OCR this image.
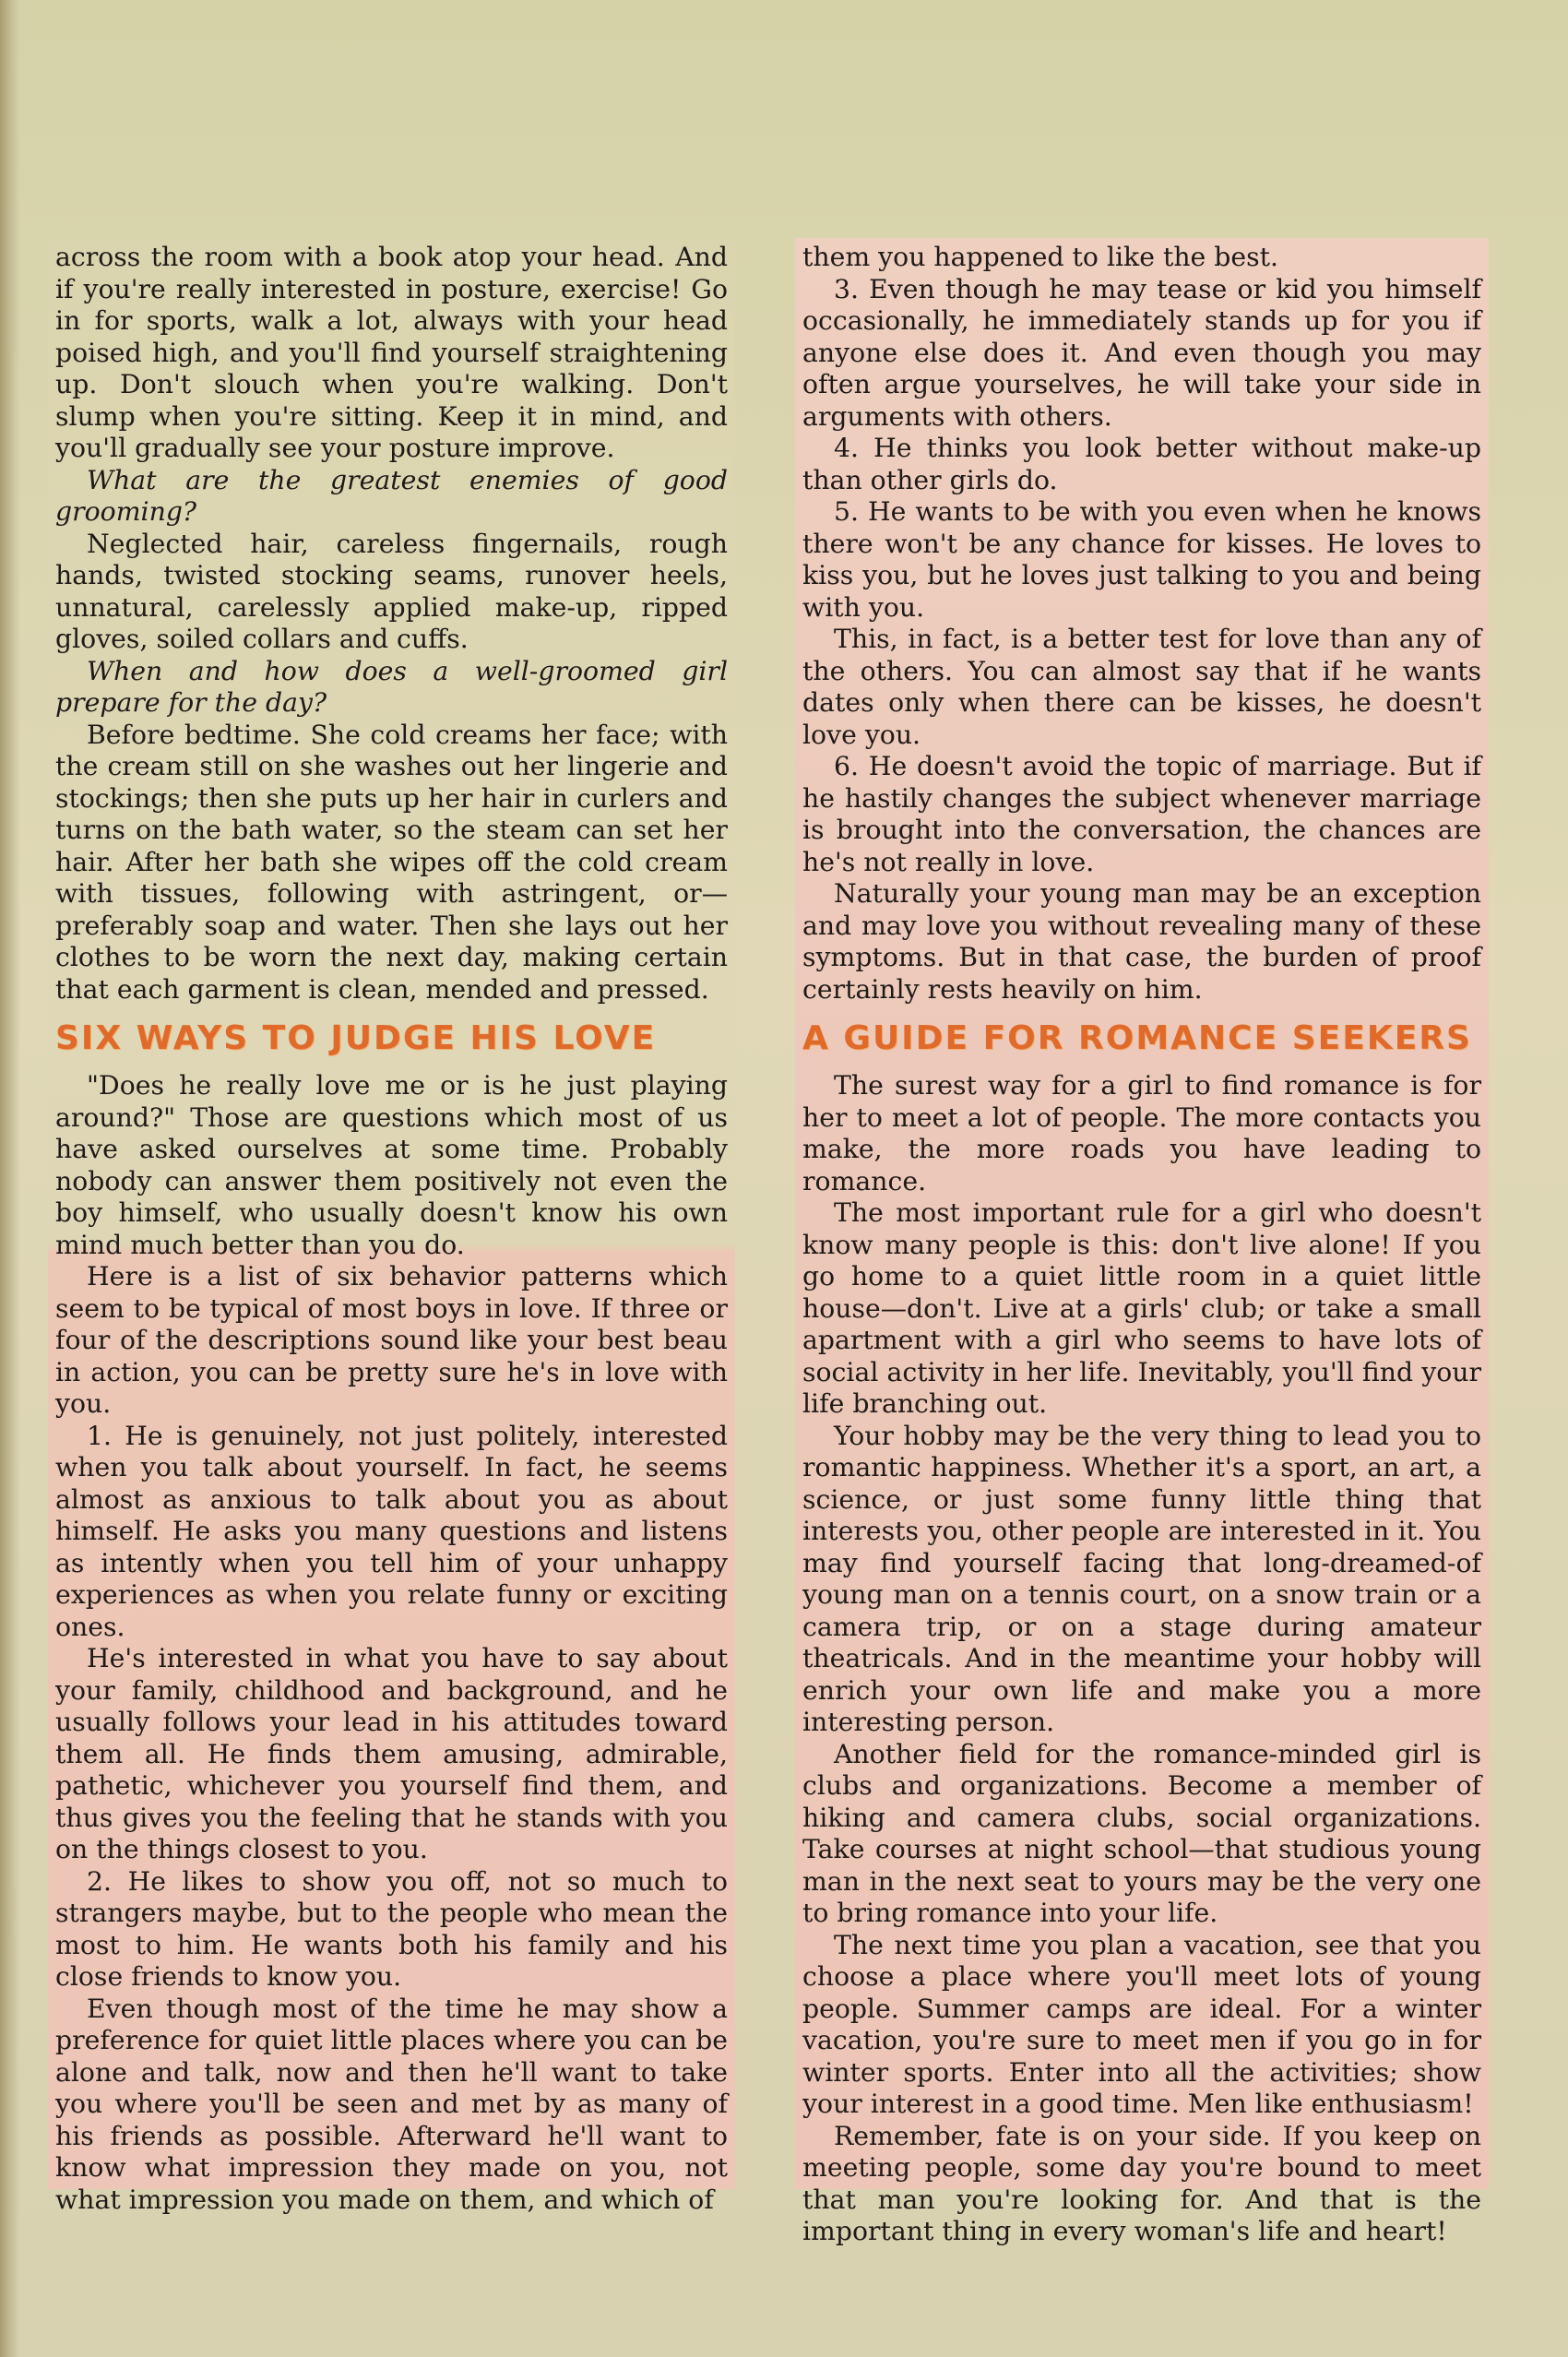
across the room with a book atop your head. And if you're really interested in posture, exercise! Go in for sports, walk a lot, always with your head poised high, and you'll find yourself straightening up. Don't slouch when you're walking. Don't slump when you're sitting. Keep it in mind, and you'll gradually see your posture improve.

What are the greatest enemies of good grooming?

Neglected hair, careless fingernails, rough hands, twisted stocking seams, runover heels, unnatural, carelessly applied make-up, ripped gloves, soiled collars and cuffs.

When and how does a well-groomed girl prepare for the day?

Before bedtime. She cold creams her face; with the cream still on she washes out her lingerie and stockings; then she puts up her hair in curlers and turns on the bath water, so the steam can set her hair. After her bath she wipes off the cold cream with tissues, following with astringent, or—preferably soap and water. Then she lays out her clothes to be worn the next day, making certain that each garment is clean, mended and pressed.

SIX WAYS TO JUDGE HIS LOVE

"Does he really love me or is he just playing around?" Those are questions which most of us have asked ourselves at some time. Probably nobody can answer them positively not even the boy himself, who usually doesn't know his own mind much better than you do.

Here is a list of six behavior patterns which seem to be typical of most boys in love. If three or four of the descriptions sound like your best beau in action, you can be pretty sure he's in love with you.

1. He is genuinely, not just politely, interested when you talk about yourself. In fact, he seems almost as anxious to talk about you as about himself. He asks you many questions and listens as intently when you tell him of your unhappy experiences as when you relate funny or exciting ones.

He's interested in what you have to say about your family, childhood and background, and he usually follows your lead in his attitudes toward them all. He finds them amusing, admirable, pathetic, whichever you yourself find them, and thus gives you the feeling that he stands with you on the things closest to you.

2. He likes to show you off, not so much to strangers maybe, but to the people who mean the most to him. He wants both his family and his close friends to know you.

Even though most of the time he may show a preference for quiet little places where you can be alone and talk, now and then he'll want to take you where you'll be seen and met by as many of his friends as possible. Afterward he'll want to know what impression they made on you, not what impression you made on them, and which of

them you happened to like the best.

3. Even though he may tease or kid you himself occasionally, he immediately stands up for you if anyone else does it. And even though you may often argue yourselves, he will take your side in arguments with others.

4. He thinks you look better without make-up than other girls do.

5. He wants to be with you even when he knows there won't be any chance for kisses. He loves to kiss you, but he loves just talking to you and being with you.

This, in fact, is a better test for love than any of the others. You can almost say that if he wants dates only when there can be kisses, he doesn't love you.

6. He doesn't avoid the topic of marriage. But if he hastily changes the subject whenever marriage is brought into the conversation, the chances are he's not really in love.

Naturally your young man may be an exception and may love you without revealing many of these symptoms. But in that case, the burden of proof certainly rests heavily on him.

A GUIDE FOR ROMANCE SEEKERS

The surest way for a girl to find romance is for her to meet a lot of people. The more contacts you make, the more roads you have leading to romance.

The most important rule for a girl who doesn't know many people is this: don't live alone! If you go home to a quiet little room in a quiet little house—don't. Live at a girls' club; or take a small apartment with a girl who seems to have lots of social activity in her life. Inevitably, you'll find your life branching out.

Your hobby may be the very thing to lead you to romantic happiness. Whether it's a sport, an art, a science, or just some funny little thing that interests you, other people are interested in it. You may find yourself facing that long-dreamed-of young man on a tennis court, on a snow train or a camera trip, or on a stage during amateur theatricals. And in the meantime your hobby will enrich your own life and make you a more interesting person.

Another field for the romance-minded girl is clubs and organizations. Become a member of hiking and camera clubs, social organizations. Take courses at night school—that studious young man in the next seat to yours may be the very one to bring romance into your life.

The next time you plan a vacation, see that you choose a place where you'll meet lots of young people. Summer camps are ideal. For a winter vacation, you're sure to meet men if you go in for winter sports. Enter into all the activities; show your interest in a good time. Men like enthusiasm!

Remember, fate is on your side. If you keep on meeting people, some day you're bound to meet that man you're looking for. And that is the important thing in every woman's life and heart!
